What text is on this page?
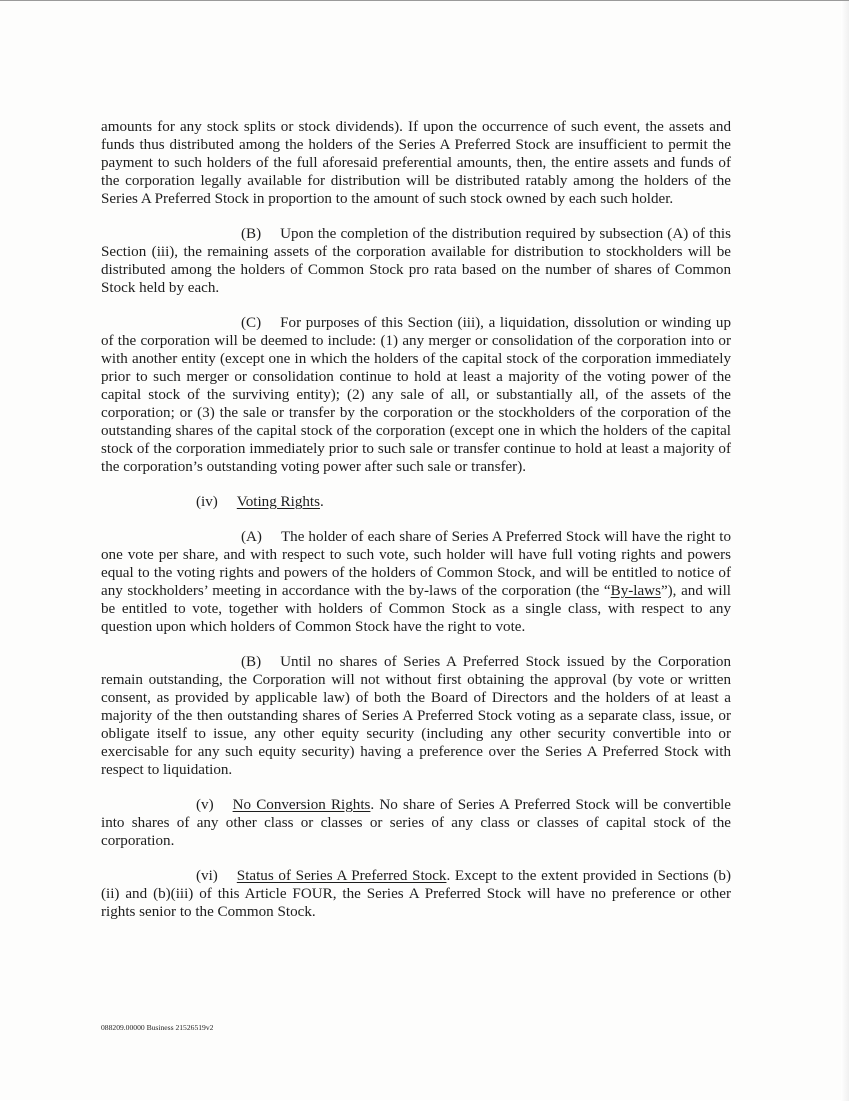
amounts for any stock splits or stock dividends). If upon the occurrence of such event, the assets and funds thus distributed among the holders of the Series A Preferred Stock are insufficient to permit the payment to such holders of the full aforesaid preferential amounts, then, the entire assets and funds of the corporation legally available for distribution will be distributed ratably among the holders of the Series A Preferred Stock in proportion to the amount of such stock owned by each such holder.

(B) Upon the completion of the distribution required by subsection (A) of this Section (iii), the remaining assets of the corporation available for distribution to stockholders will be distributed among the holders of Common Stock pro rata based on the number of shares of Common Stock held by each.

(C) For purposes of this Section (iii), a liquidation, dissolution or winding up of the corporation will be deemed to include: (1) any merger or consolidation of the corporation into or with another entity (except one in which the holders of the capital stock of the corporation immediately prior to such merger or consolidation continue to hold at least a majority of the voting power of the capital stock of the surviving entity); (2) any sale of all, or substantially all, of the assets of the corporation; or (3) the sale or transfer by the corporation or the stockholders of the corporation of the outstanding shares of the capital stock of the corporation (except one in which the holders of the capital stock of the corporation immediately prior to such sale or transfer continue to hold at least a majority of the corporation’s outstanding voting power after such sale or transfer).

(iv) Voting Rights.

(A) The holder of each share of Series A Preferred Stock will have the right to one vote per share, and with respect to such vote, such holder will have full voting rights and powers equal to the voting rights and powers of the holders of Common Stock, and will be entitled to notice of any stockholders’ meeting in accordance with the by-laws of the corporation (the “By-laws”), and will be entitled to vote, together with holders of Common Stock as a single class, with respect to any question upon which holders of Common Stock have the right to vote.

(B) Until no shares of Series A Preferred Stock issued by the Corporation remain outstanding, the Corporation will not without first obtaining the approval (by vote or written consent, as provided by applicable law) of both the Board of Directors and the holders of at least a majority of the then outstanding shares of Series A Preferred Stock voting as a separate class, issue, or obligate itself to issue, any other equity security (including any other security convertible into or exercisable for any such equity security) having a preference over the Series A Preferred Stock with respect to liquidation.

(v) No Conversion Rights. No share of Series A Preferred Stock will be convertible into shares of any other class or classes or series of any class or classes of capital stock of the corporation.

(vi) Status of Series A Preferred Stock. Except to the extent provided in Sections (b)(ii) and (b)(iii) of this Article FOUR, the Series A Preferred Stock will have no preference or other rights senior to the Common Stock.

088209.00000 Business 21526519v2
